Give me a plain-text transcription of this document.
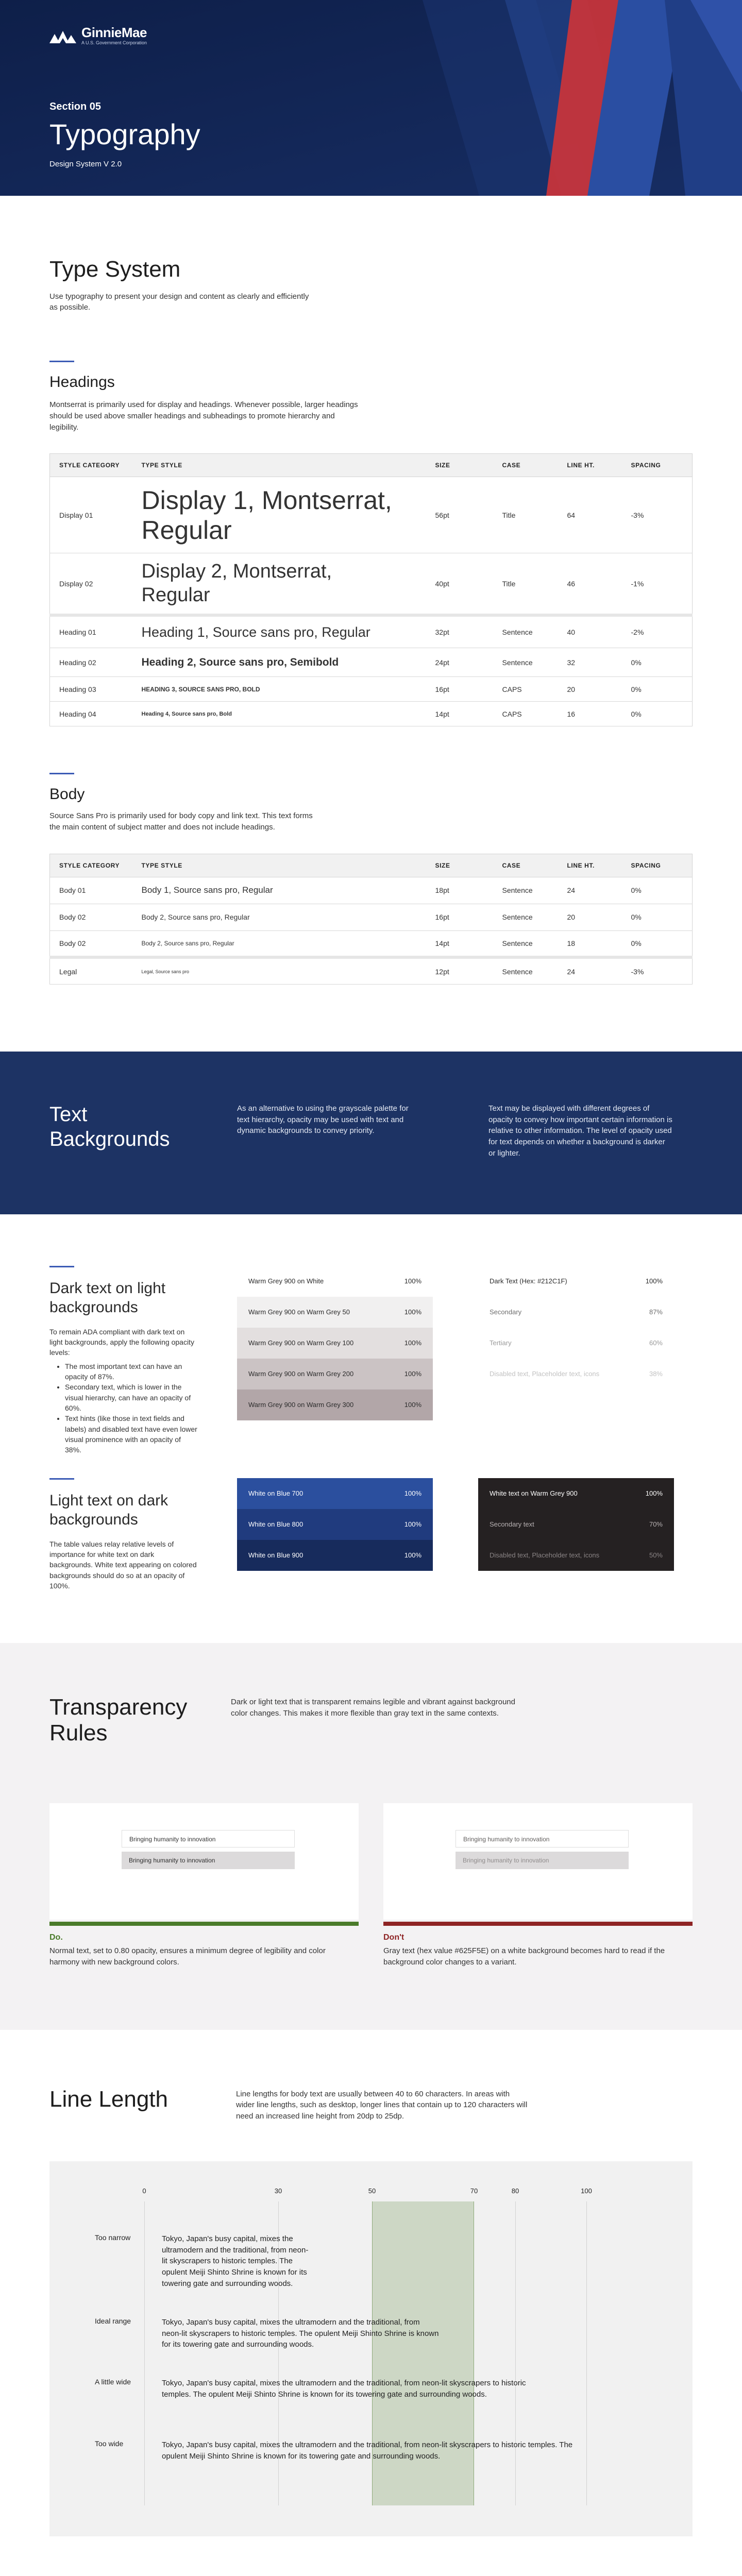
GinnieMae
A U.S. Government Corporation
Section 05
Typography
Design System V 2.0
Type System

Use typography to present your design and content as clearly and efficiently as possible.

Headings

Montserrat is primarily used for display and headings. Whenever possible, larger headings should be used above smaller headings and subheadings to promote hierarchy and legibility.

STYLE CATEGORY	TYPE STYLE	SIZE	CASE	LINE HT.	SPACING
Display 01	Display 1, Montserrat, Regular	56pt	Title	64	-3%
Display 02	Display 2, Montserrat, Regular	40pt	Title	46	-1%
Heading 01	Heading 1, Source sans pro, Regular	32pt	Sentence	40	-2%
Heading 02	Heading 2, Source sans pro, Semibold	24pt	Sentence	32	0%
Heading 03	HEADING 3, SOURCE SANS PRO, BOLD	16pt	CAPS	20	0%
Heading 04	Heading 4, Source sans pro, Bold	14pt	CAPS	16	0%
Body

Source Sans Pro is primarily used for body copy and link text. This text forms the main content of subject matter and does not include headings.

STYLE CATEGORY	TYPE STYLE	SIZE	CASE	LINE HT.	SPACING
Body 01	Body 1, Source sans pro, Regular	18pt	Sentence	24	0%
Body 02	Body 2, Source sans pro, Regular	16pt	Sentence	20	0%
Body 02	Body 2, Source sans pro, Regular	14pt	Sentence	18	0%
Legal	Legal, Source sans pro	12pt	Sentence	24	-3%
Text Backgrounds

As an alternative to using the grayscale palette for text hierarchy, opacity may be used with text and dynamic backgrounds to convey priority.

Text may be displayed with different degrees of opacity to convey how important certain information is relative to other information. The level of opacity used for text depends on whether a background is darker or lighter.

Dark text on light backgrounds

To remain ADA compliant with dark text on light backgrounds, apply the following opacity levels:

• The most important text can have an opacity of 87%.
• Secondary text, which is lower in the visual hierarchy, can have an opacity of 60%.
• Text hints (like those in text fields and labels) and disabled text have even lower visual prominence with an opacity of 38%.
Warm Grey 900 on White	100%
Warm Grey 900 on Warm Grey 50	100%
Warm Grey 900 on Warm Grey 100	100%
Warm Grey 900 on Warm Grey 200	100%
Warm Grey 900 on Warm Grey 300	100%
Dark Text (Hex: #212C1F)	100%
Secondary	87%
Tertiary	60%
Disabled text, Placeholder text, icons	38%
Light text on dark backgrounds

The table values relay relative levels of importance for white text on dark backgrounds. White text appearing on colored backgrounds should do so at an opacity of 100%.

White on Blue 700	100%
White on Blue 800	100%
White on Blue 900	100%
White text on Warm Grey 900	100%
Secondary text	70%
Disabled text, Placeholder text, icons	50%
Transparency Rules

Dark or light text that is transparent remains legible and vibrant against background color changes. This makes it more flexible than gray text in the same contexts.

Bringing humanity to innovation
Bringing humanity to innovation
Do.

Normal text, set to 0.80 opacity, ensures a minimum degree of legibility and color harmony with new background colors.

Bringing humanity to innovation
Bringing humanity to innovation
Don't

Gray text (hex value #625F5E) on a white background becomes hard to read if the background color changes to a variant.

Line Length	Line lengths for body text are usually between 40 to 60 characters. In areas with wider line lengths, such as desktop, longer lines that contain up to 120 characters will need an increased line height from 20dp to 25dp.

0	30	50	70	80	100
Too narrow	Tokyo, Japan's busy capital, mixes the ultramodern and the traditional, from neon-lit skyscrapers to historic temples. The opulent Meiji Shinto Shrine is known for its towering gate and surrounding woods.
Ideal range	Tokyo, Japan's busy capital, mixes the ultramodern and the traditional, from neon-lit skyscrapers to historic temples. The opulent Meiji Shinto Shrine is known for its towering gate and surrounding woods.
A little wide	Tokyo, Japan's busy capital, mixes the ultramodern and the traditional, from neon-lit skyscrapers to historic temples. The opulent Meiji Shinto Shrine is known for its towering gate and surrounding woods.
Too wide	Tokyo, Japan's busy capital, mixes the ultramodern and the traditional, from neon-lit skyscrapers to historic temples. The opulent Meiji Shinto Shrine is known for its towering gate and surrounding woods.
